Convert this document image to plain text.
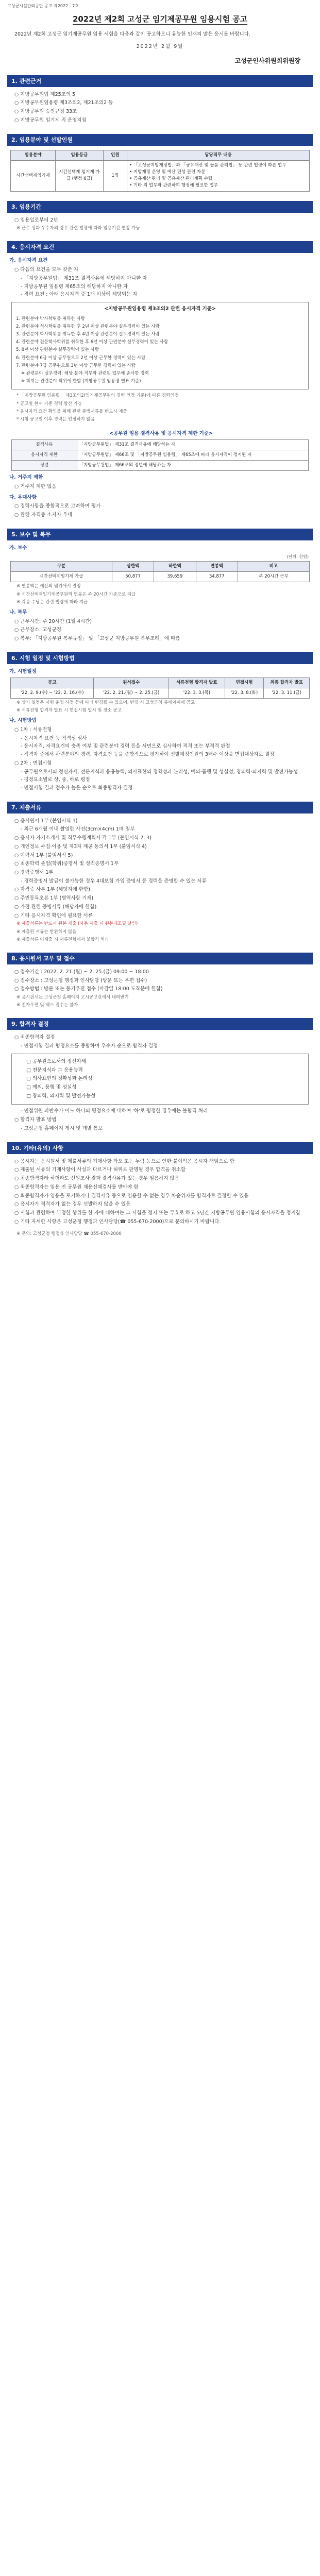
고성군시설관리공단 공고 제2022 - 7호
2022년 제2회 고성군 임기제공무원 임용시험 공고
2022년 제2회 고성군 임기제공무원 임용 시험을 다음과 같이 공고하오니 유능한 인재의 많은 응시를 바랍니다.
2022년 2월 9일
고성군인사위원회위원장
1. 관련근거
○ 지방공무원법 제25조의 5
○ 지방공무원임용령 제3조의2, 제21조의2 등
○ 지방공무원 승진규정 33조
○ 지방공무원 임기제 직 운영지침
2. 임용분야 및 선발인원
임용분야	임용등급	인원	담당직무 내용
시간선택제임기제	시간선택제 임기제 가급 (행정 6급)	1명	• 「고성군지방재정법」과 「공유재산 및 물품 관리법」 등 관련 법령에 따른 업무
• 지방재정 운영 및 예산 편성 관련 자문
• 공유재산 관리 및 공유재산 관리계획 수립
• 기타 위 업무와 관련하여 행정에 필요한 업무
3. 임용기간
○ 임용일로부터 2년
※ 근무 성과 우수자의 경우 관련 법령에 따라 임용기간 연장 가능
4. 응시자격 요건
가. 응시자격 요건
○ 다음의 요건을 모두 갖춘 자
- 「지방공무원법」 제31조 결격사유에 해당하지 아니한 자
- 지방공무원 임용령 제65조의 해당하지 아니한 자
- 경력 요건 : 아래 응시자격 중 1개 이상에 해당되는 자
<지방공무원임용령 제3조의2 관련 응시자격 기준>

1. 관련분야 박사학위를 취득한 사람

2. 관련분야 석사학위를 취득한 후 2년 이상 관련분야 실무경력이 있는 사람

3. 관련분야 학사학위를 취득한 후 4년 이상 관련분야 실무경력이 있는 사람

4. 관련분야 전문학사학위를 취득한 후 6년 이상 관련분야 실무경력이 있는 사람

5. 8년 이상 관련분야 실무경력이 있는 사람

6. 관련분야 6급 이상 공무원으로 2년 이상 근무한 경력이 있는 사람

7. 관련분야 7급 공무원으로 3년 이상 근무한 경력이 있는 사람

※ 관련분야 실무경력: 해당 분야 직무와 관련된 업무에 종사한 경력

※ 학위는 관련분야 학위에 한함 (지방공무원 임용령 별표 기준)

* 「지방공무원 임용령」 제3조의2(임기제공무원의 경력 인정 기준)에 따른 경력인정
* 공고일 현재 기준 경력 합산 가능
* 응시자격 요건 확인을 위해 관련 증빙서류를 반드시 제출
* 시험 공고일 이후 경력은 인정하지 않음
<공무원 임용 결격사유 및 응시자격 제한 기준>
결격사유	「지방공무원법」 제31조 결격사유에 해당하는 자
응시자격 제한	「지방공무원법」 제66조 및 「지방공무원 임용령」 제65조에 따라 응시자격이 정지된 자
정년	「지방공무원법」 제66조의 정년에 해당하는 자
나. 거주지 제한
○ 거주지 제한 없음
다. 우대사항
○ 경력사항을 종합적으로 고려하여 평가
○ 관련 자격증 소지자 우대
5. 보수 및 복무
가. 보수
(단위: 천원)
구분	상한액	하한액	연봉액	비고
시간선택제임기제 가급	50,877	39,659	34,877	주 20시간 근무
※ 연봉액은 예산의 범위에서 결정
※ 시간선택제임기제공무원의 연봉은 주 20시간 기준으로 지급
※ 각종 수당은 관련 법령에 따라 지급
나. 복무
○ 근무시간: 주 20시간 (1일 4시간)
○ 근무장소: 고성군청
○ 복무: 「지방공무원 복무규정」 및 「고성군 지방공무원 복무조례」에 따름
6. 시험 일정 및 시험방법
가. 시험일정
공고	원서접수	서류전형 합격자 발표	면접시험	최종 합격자 발표
'22. 2. 9.(수) ~ '22. 2. 16.(수)	'22. 2. 21.(월) ~ 2. 25.(금)	'22. 3. 3.(목)	'22. 3. 8.(화)	'22. 3. 11.(금)
※ 상기 일정은 시험 운영 사정 등에 따라 변경될 수 있으며, 변경 시 고성군청 홈페이지에 공고
※ 서류전형 합격자 발표 시 면접시험 일시 및 장소 공고
나. 시험방법
○ 1차 : 서류전형
- 응시자격 요건 등 적격성 심사
- 응시자격, 자격요건의 충족 여부 및 관련분야 경력 등을 서면으로 심사하여 적격 또는 부적격 판정
- 적격자 중에서 관련분야의 경력, 자격요건 등을 종합적으로 평가하여 선발예정인원의 3배수 이상을 면접대상자로 결정
○ 2차 : 면접시험
- 공무원으로서의 정신자세, 전문지식과 응용능력, 의사표현의 정확성과 논리성, 예의·품행 및 성실성, 창의력·의지력 및 발전가능성
- 평정요소별로 상, 중, 하로 평정
- 면접시험 결과 점수가 높은 순으로 최종합격자 결정
7. 제출서류
○ 응시원서 1부 (붙임서식 1)
- 최근 6개월 이내 촬영한 사진(3cm×4cm) 1매 첨부
○ 응시자 자기소개서 및 직무수행계획서 각 1부 (붙임서식 2, 3)
○ 개인정보 수집·이용 및 제3자 제공 동의서 1부 (붙임서식 4)
○ 이력서 1부 (붙임서식 5)
○ 최종학력 졸업(학위)증명서 및 성적증명서 1부
○ 경력증명서 1부
- 경력증명서 발급이 불가능한 경우 4대보험 가입 증명서 등 경력을 증명할 수 있는 서류
○ 자격증 사본 1부 (해당자에 한함)
○ 주민등록초본 1부 (병역사항 기재)
○ 가점 관련 증빙서류 (해당자에 한함)
○ 기타 응시자격 확인에 필요한 서류
※ 제출서류는 반드시 원본 제출 (사본 제출 시 원본대조필 날인)
※ 제출된 서류는 반환하지 않음
※ 제출서류 미제출 시 서류전형에서 불합격 처리
8. 응시원서 교부 및 접수
○ 접수기간 : 2022. 2. 21.(월) ~ 2. 25.(금) 09:00 ~ 18:00
○ 접수장소 : 고성군청 행정과 인사담당 (방문 또는 우편 접수)
○ 접수방법 : 방문 또는 등기우편 접수 (마감일 18:00 도착분에 한함)
※ 응시원서는 고성군청 홈페이지 고시공고란에서 내려받기
※ 전자우편 및 팩스 접수는 불가
9. 합격자 결정
○ 최종합격자 결정
- 면접시험 결과 평정요소를 종합하여 우수자 순으로 합격자 결정
□ 공무원으로서의 정신자세
□ 전문지식과 그 응용능력
□ 의사표현의 정확성과 논리성
□ 예의, 품행 및 성실성
□ 창의력, 의지력 및 발전가능성
- 면접위원 과반수가 어느 하나의 평정요소에 대하여 '하'로 평정한 경우에는 불합격 처리
○ 합격자 발표 방법
- 고성군청 홈페이지 게시 및 개별 통보
10. 기타(유의) 사항
○ 응시자는 응시원서 및 제출서류의 기재사항 착오 또는 누락 등으로 인한 불이익은 응시자 책임으로 함
○ 제출된 서류의 기재사항이 사실과 다르거나 허위로 판명될 경우 합격을 취소함
○ 최종합격자라 하더라도 신원조사 결과 결격사유가 있는 경우 임용하지 않음
○ 최종합격자는 임용 전 공무원 채용신체검사를 받아야 함
○ 최종합격자가 임용을 포기하거나 결격사유 등으로 임용할 수 없는 경우 차순위자를 합격자로 결정할 수 있음
○ 응시자가 적격자가 없는 경우 선발하지 않을 수 있음
○ 시험과 관련하여 부정한 행위를 한 자에 대하여는 그 시험을 정지 또는 무효로 하고 5년간 지방공무원 임용시험의 응시자격을 정지함
○ 기타 자세한 사항은 고성군청 행정과 인사담당(☎ 055-670-2000)으로 문의하시기 바랍니다.
※ 문의: 고성군청 행정과 인사담당 ☎ 055-670-2000
